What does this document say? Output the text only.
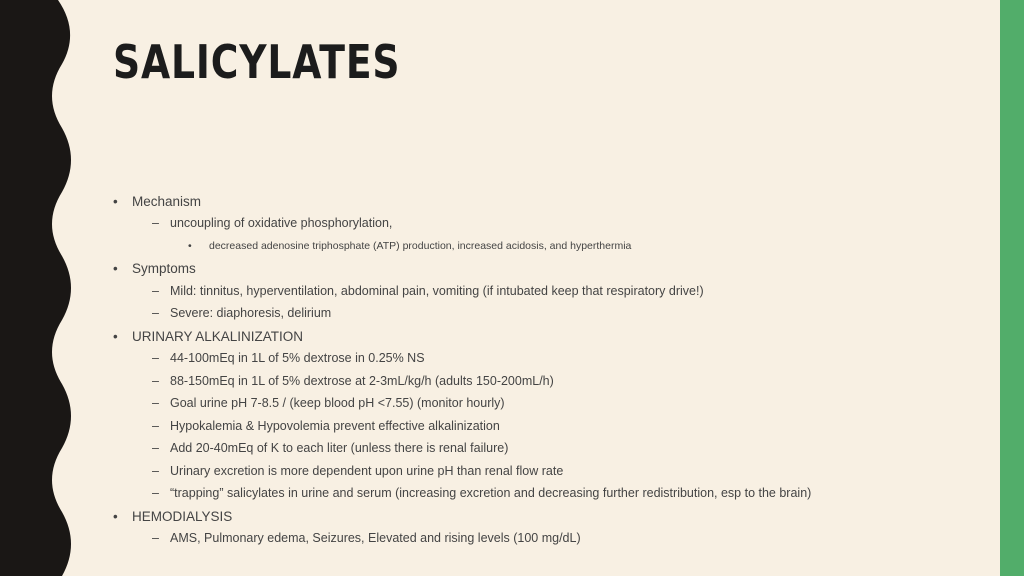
SALICYLATES
• Mechanism
– uncoupling of oxidative phosphorylation,
• decreased adenosine triphosphate (ATP) production, increased acidosis, and hyperthermia
• Symptoms
– Mild: tinnitus, hyperventilation, abdominal pain, vomiting (if intubated keep that respiratory drive!)
– Severe: diaphoresis, delirium
• URINARY ALKALINIZATION
– 44-100mEq in 1L of 5% dextrose in 0.25% NS
– 88-150mEq in 1L of 5% dextrose at 2-3mL/kg/h (adults 150-200mL/h)
– Goal urine pH 7-8.5 / (keep blood pH <7.55) (monitor hourly)
– Hypokalemia & Hypovolemia prevent effective alkalinization
– Add 20-40mEq of K to each liter (unless there is renal failure)
– Urinary excretion is more dependent upon urine pH than renal flow rate
– “trapping” salicylates in urine and serum (increasing excretion and decreasing further redistribution, esp to the brain)
• HEMODIALYSIS
– AMS, Pulmonary edema, Seizures, Elevated and rising levels (100 mg/dL)
